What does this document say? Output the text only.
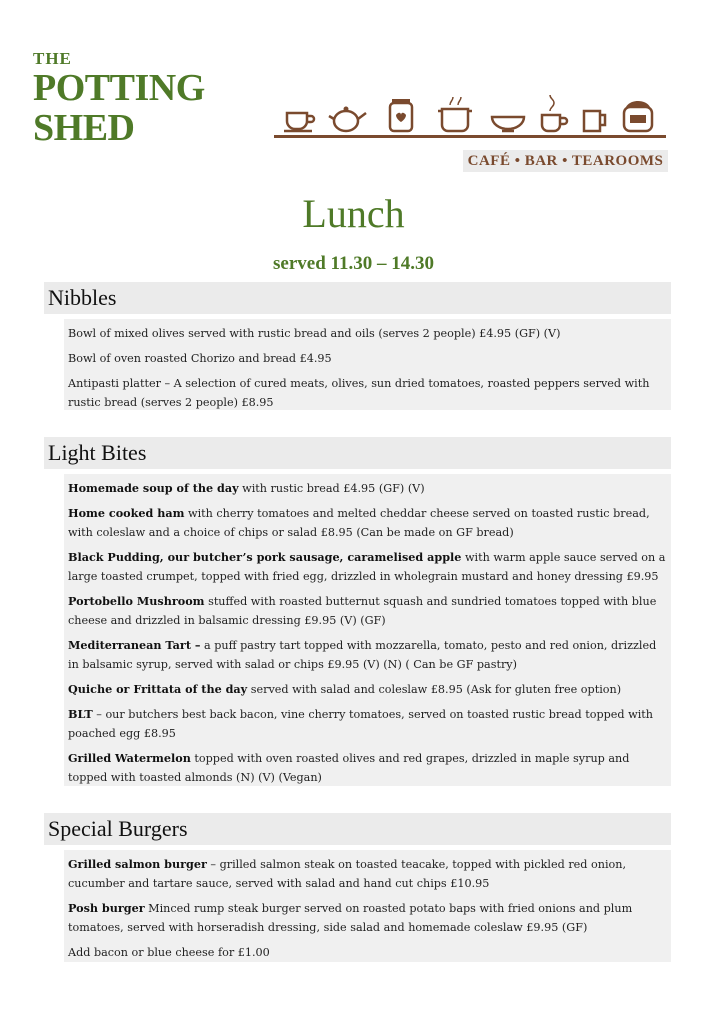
THE
POTTING
SHED
CAFÉ • BAR • TEAROOMS
Lunch
served 11.30 – 14.30
Nibbles
Bowl of mixed olives served with rustic bread and oils (serves 2 people) £4.95 (GF) (V)
Bowl of oven roasted Chorizo and bread £4.95
Antipasti platter – A selection of cured meats, olives, sun dried tomatoes, roasted peppers served with rustic bread (serves 2 people) £8.95
Light Bites
Homemade soup of the day with rustic bread £4.95 (GF) (V)
Home cooked ham with cherry tomatoes and melted cheddar cheese served on toasted rustic bread, with coleslaw and a choice of chips or salad £8.95 (Can be made on GF bread)
Black Pudding, our butcher’s pork sausage, caramelised apple with warm apple sauce served on a large toasted crumpet, topped with fried egg, drizzled in wholegrain mustard and honey dressing £9.95
Portobello Mushroom stuffed with roasted butternut squash and sundried tomatoes topped with blue cheese and drizzled in balsamic dressing £9.95 (V) (GF)
Mediterranean Tart – a puff pastry tart topped with mozzarella, tomato, pesto and red onion, drizzled in balsamic syrup, served with salad or chips £9.95 (V) (N) ( Can be GF pastry)
Quiche or Frittata of the day served with salad and coleslaw £8.95 (Ask for gluten free option)
BLT – our butchers best back bacon, vine cherry tomatoes, served on toasted rustic bread topped with poached egg £8.95
Grilled Watermelon topped with oven roasted olives and red grapes, drizzled in maple syrup and topped with toasted almonds (N) (V) (Vegan)
Special Burgers
Grilled salmon burger – grilled salmon steak on toasted teacake, topped with pickled red onion, cucumber and tartare sauce, served with salad and hand cut chips £10.95
Posh burger Minced rump steak burger served on roasted potato baps with fried onions and plum tomatoes, served with horseradish dressing, side salad and homemade coleslaw £9.95 (GF)
Add bacon or blue cheese for £1.00
